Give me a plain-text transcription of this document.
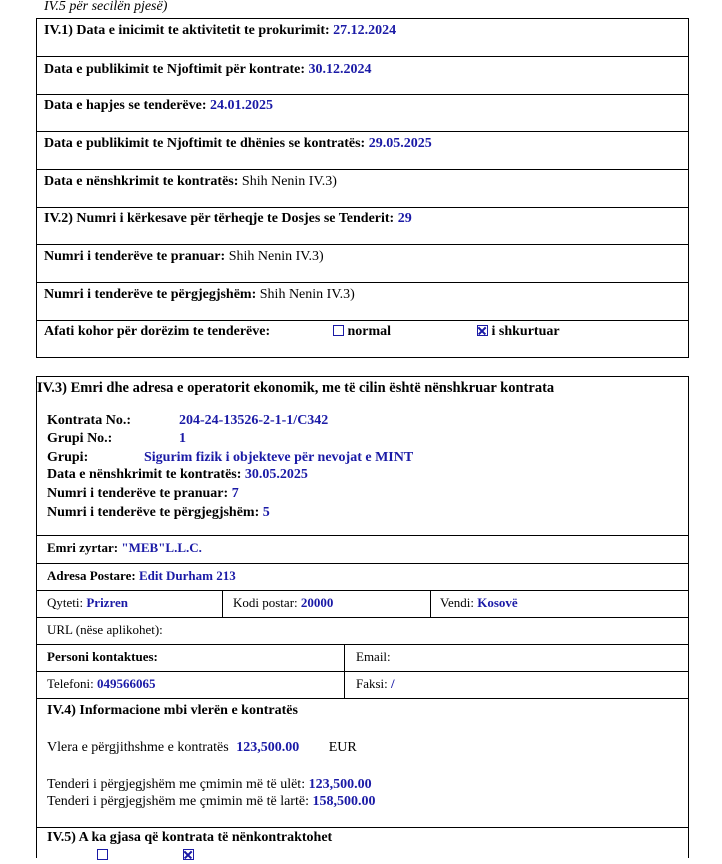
IV.5 për secilën pjesë)
IV.1) Data e inicimit te aktivitetit te prokurimit: 27.12.2024
Data e publikimit te Njoftimit për kontrate: 30.12.2024
Data e hapjes se tenderëve: 24.01.2025
Data e publikimit te Njoftimit te dhënies se kontratës: 29.05.2025
Data e nënshkrimit te kontratës: Shih Nenin IV.3)
IV.2) Numri i kërkesave për tërheqje te Dosjes se Tenderit: 29
Numri i tenderëve te pranuar: Shih Nenin IV.3)
Numri i tenderëve te përgjegjshëm: Shih Nenin IV.3)
Afati kohor për dorëzim te tenderëve:	normal	i shkurtuar
IV.3) Emri dhe adresa e operatorit ekonomik, me të cilin është nënshkruar kontrata
Kontrata No.:	204-24-13526-2-1-1/C342
Grupi No.:	1
Grupi:	Sigurim fizik i objekteve për nevojat e MINT
Data e nënshkrimit te kontratës: 30.05.2025
Numri i tenderëve te pranuar: 7
Numri i tenderëve te përgjegjshëm: 5
Emri zyrtar: "MEB"L.L.C.
Adresa Postare: Edit Durham 213
Qyteti: Prizren	Kodi postar: 20000	Vendi: Kosovë
URL (nëse aplikohet):
Personi kontaktues:	Email:
Telefoni: 049566065	Faksi: /
IV.4) Informacione mbi vlerën e kontratës
Vlera e përgjithshme e kontratës 123,500.00 EUR
Tenderi i përgjegjshëm me çmimin më të ulët: 123,500.00
Tenderi i përgjegjshëm me çmimin më të lartë: 158,500.00
IV.5) A ka gjasa që kontrata të nënkontraktohet
